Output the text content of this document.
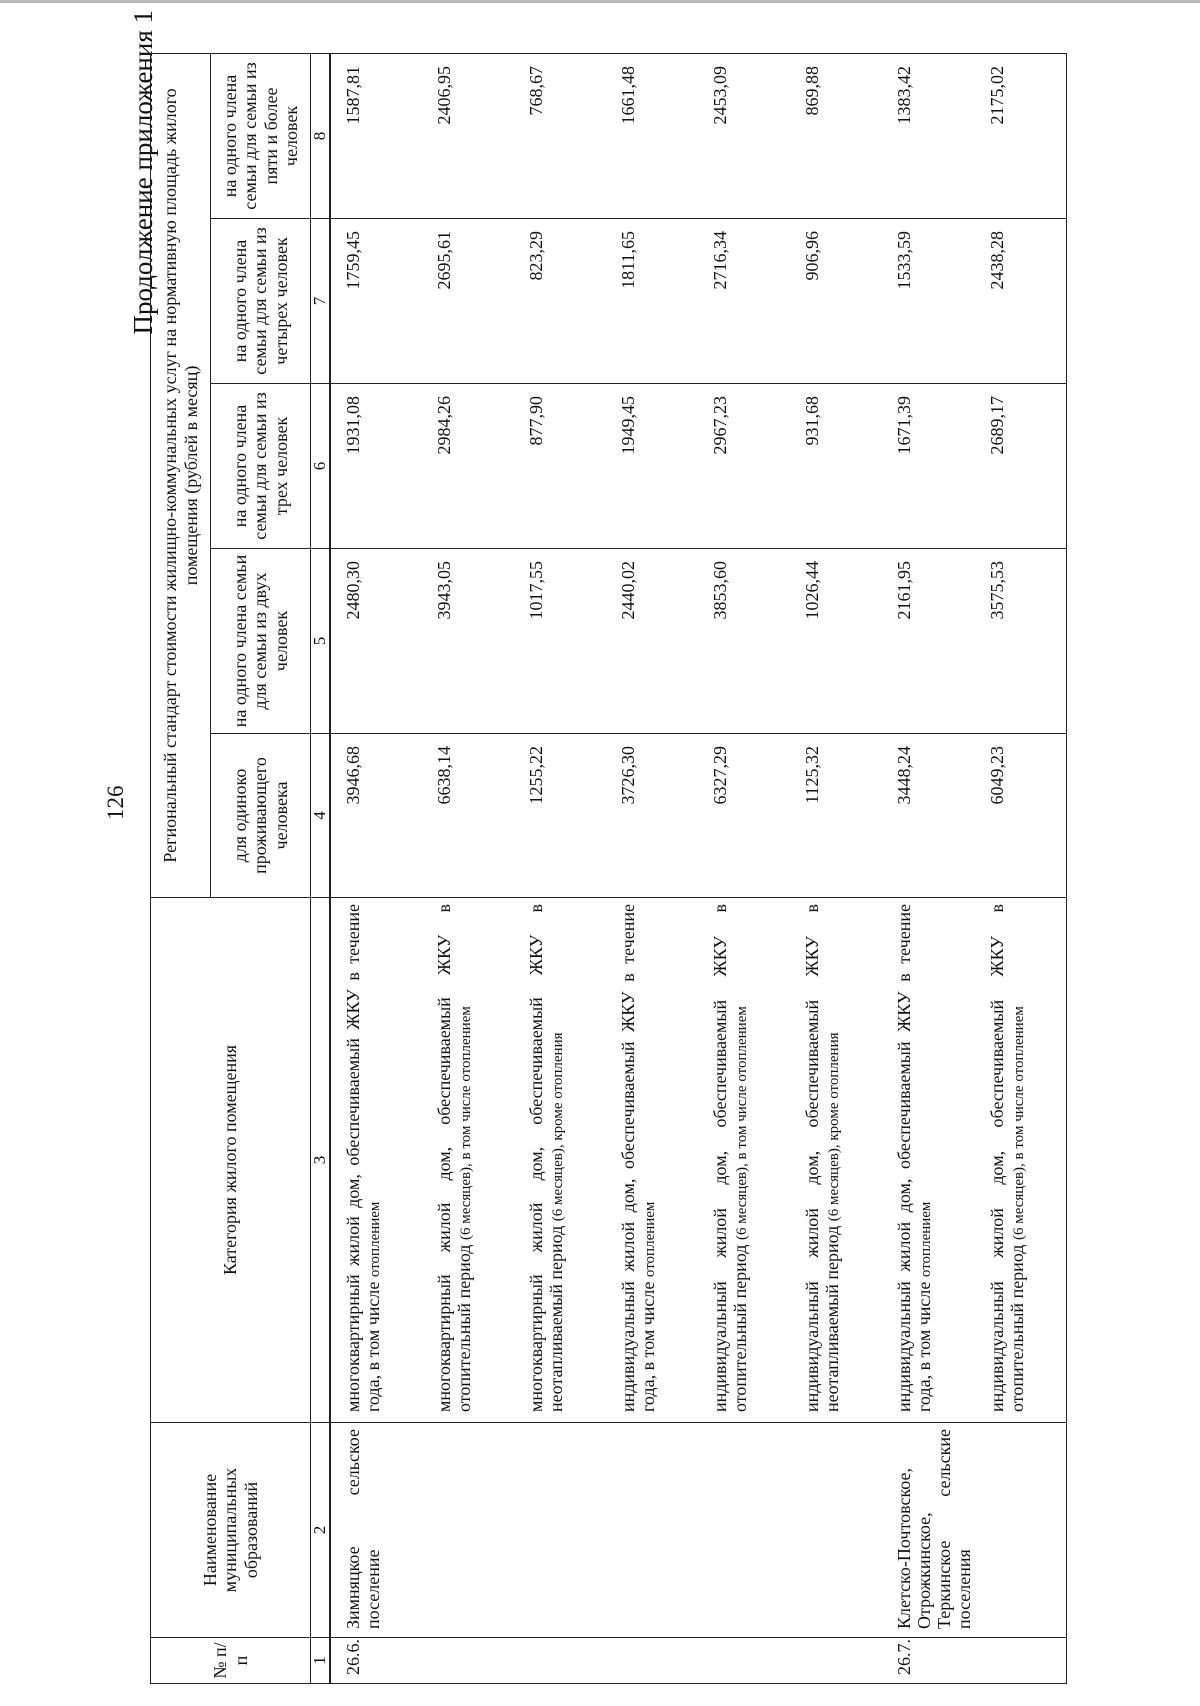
126
Продолжение приложения 1
№ п/п	Наименование муниципальных образований	Категория жилого помещения	Региональный стандарт стоимости жилищно-коммунальных услуг на нормативную площадь жилого помещения (рублей в месяц)				
			для одиноко проживающего человека	на одного члена семьи для семьи из двух человек	на одного члена семьи для семьи из трех человек	на одного члена семьи для семьи из четырех человек	на одного члена семьи для семьи из пяти и более человек
1	2	3	4	5	6	7	8
26.6.	Зимняцкое сельское поселение	многоквартирный жилой дом, обеспечиваемый ЖКУ в течение года, в том числе отоплением	3946,68	2480,30	1931,08	1759,45	1587,81
		многоквартирный жилой дом, обеспечиваемый ЖКУ в отопительный период (6 месяцев), в том числе отоплением	6638,14	3943,05	2984,26	2695,61	2406,95
		многоквартирный жилой дом, обеспечиваемый ЖКУ в неотапливаемый период (6 месяцев), кроме отопления	1255,22	1017,55	877,90	823,29	768,67
		индивидуальный жилой дом, обеспечиваемый ЖКУ в течение года, в том числе отоплением	3726,30	2440,02	1949,45	1811,65	1661,48
		индивидуальный жилой дом, обеспечиваемый ЖКУ в отопительный период (6 месяцев), в том числе отоплением	6327,29	3853,60	2967,23	2716,34	2453,09
		индивидуальный жилой дом, обеспечиваемый ЖКУ в неотапливаемый период (6 месяцев), кроме отопления	1125,32	1026,44	931,68	906,96	869,88
26.7.	Клетско-Почтовское, Отрожкинское, Теркинское сельские поселения	индивидуальный жилой дом, обеспечиваемый ЖКУ в течение года, в том числе отоплением	3448,24	2161,95	1671,39	1533,59	1383,42
		индивидуальный жилой дом, обеспечиваемый ЖКУ в отопительный период (6 месяцев), в том числе отоплением	6049,23	3575,53	2689,17	2438,28	2175,02
